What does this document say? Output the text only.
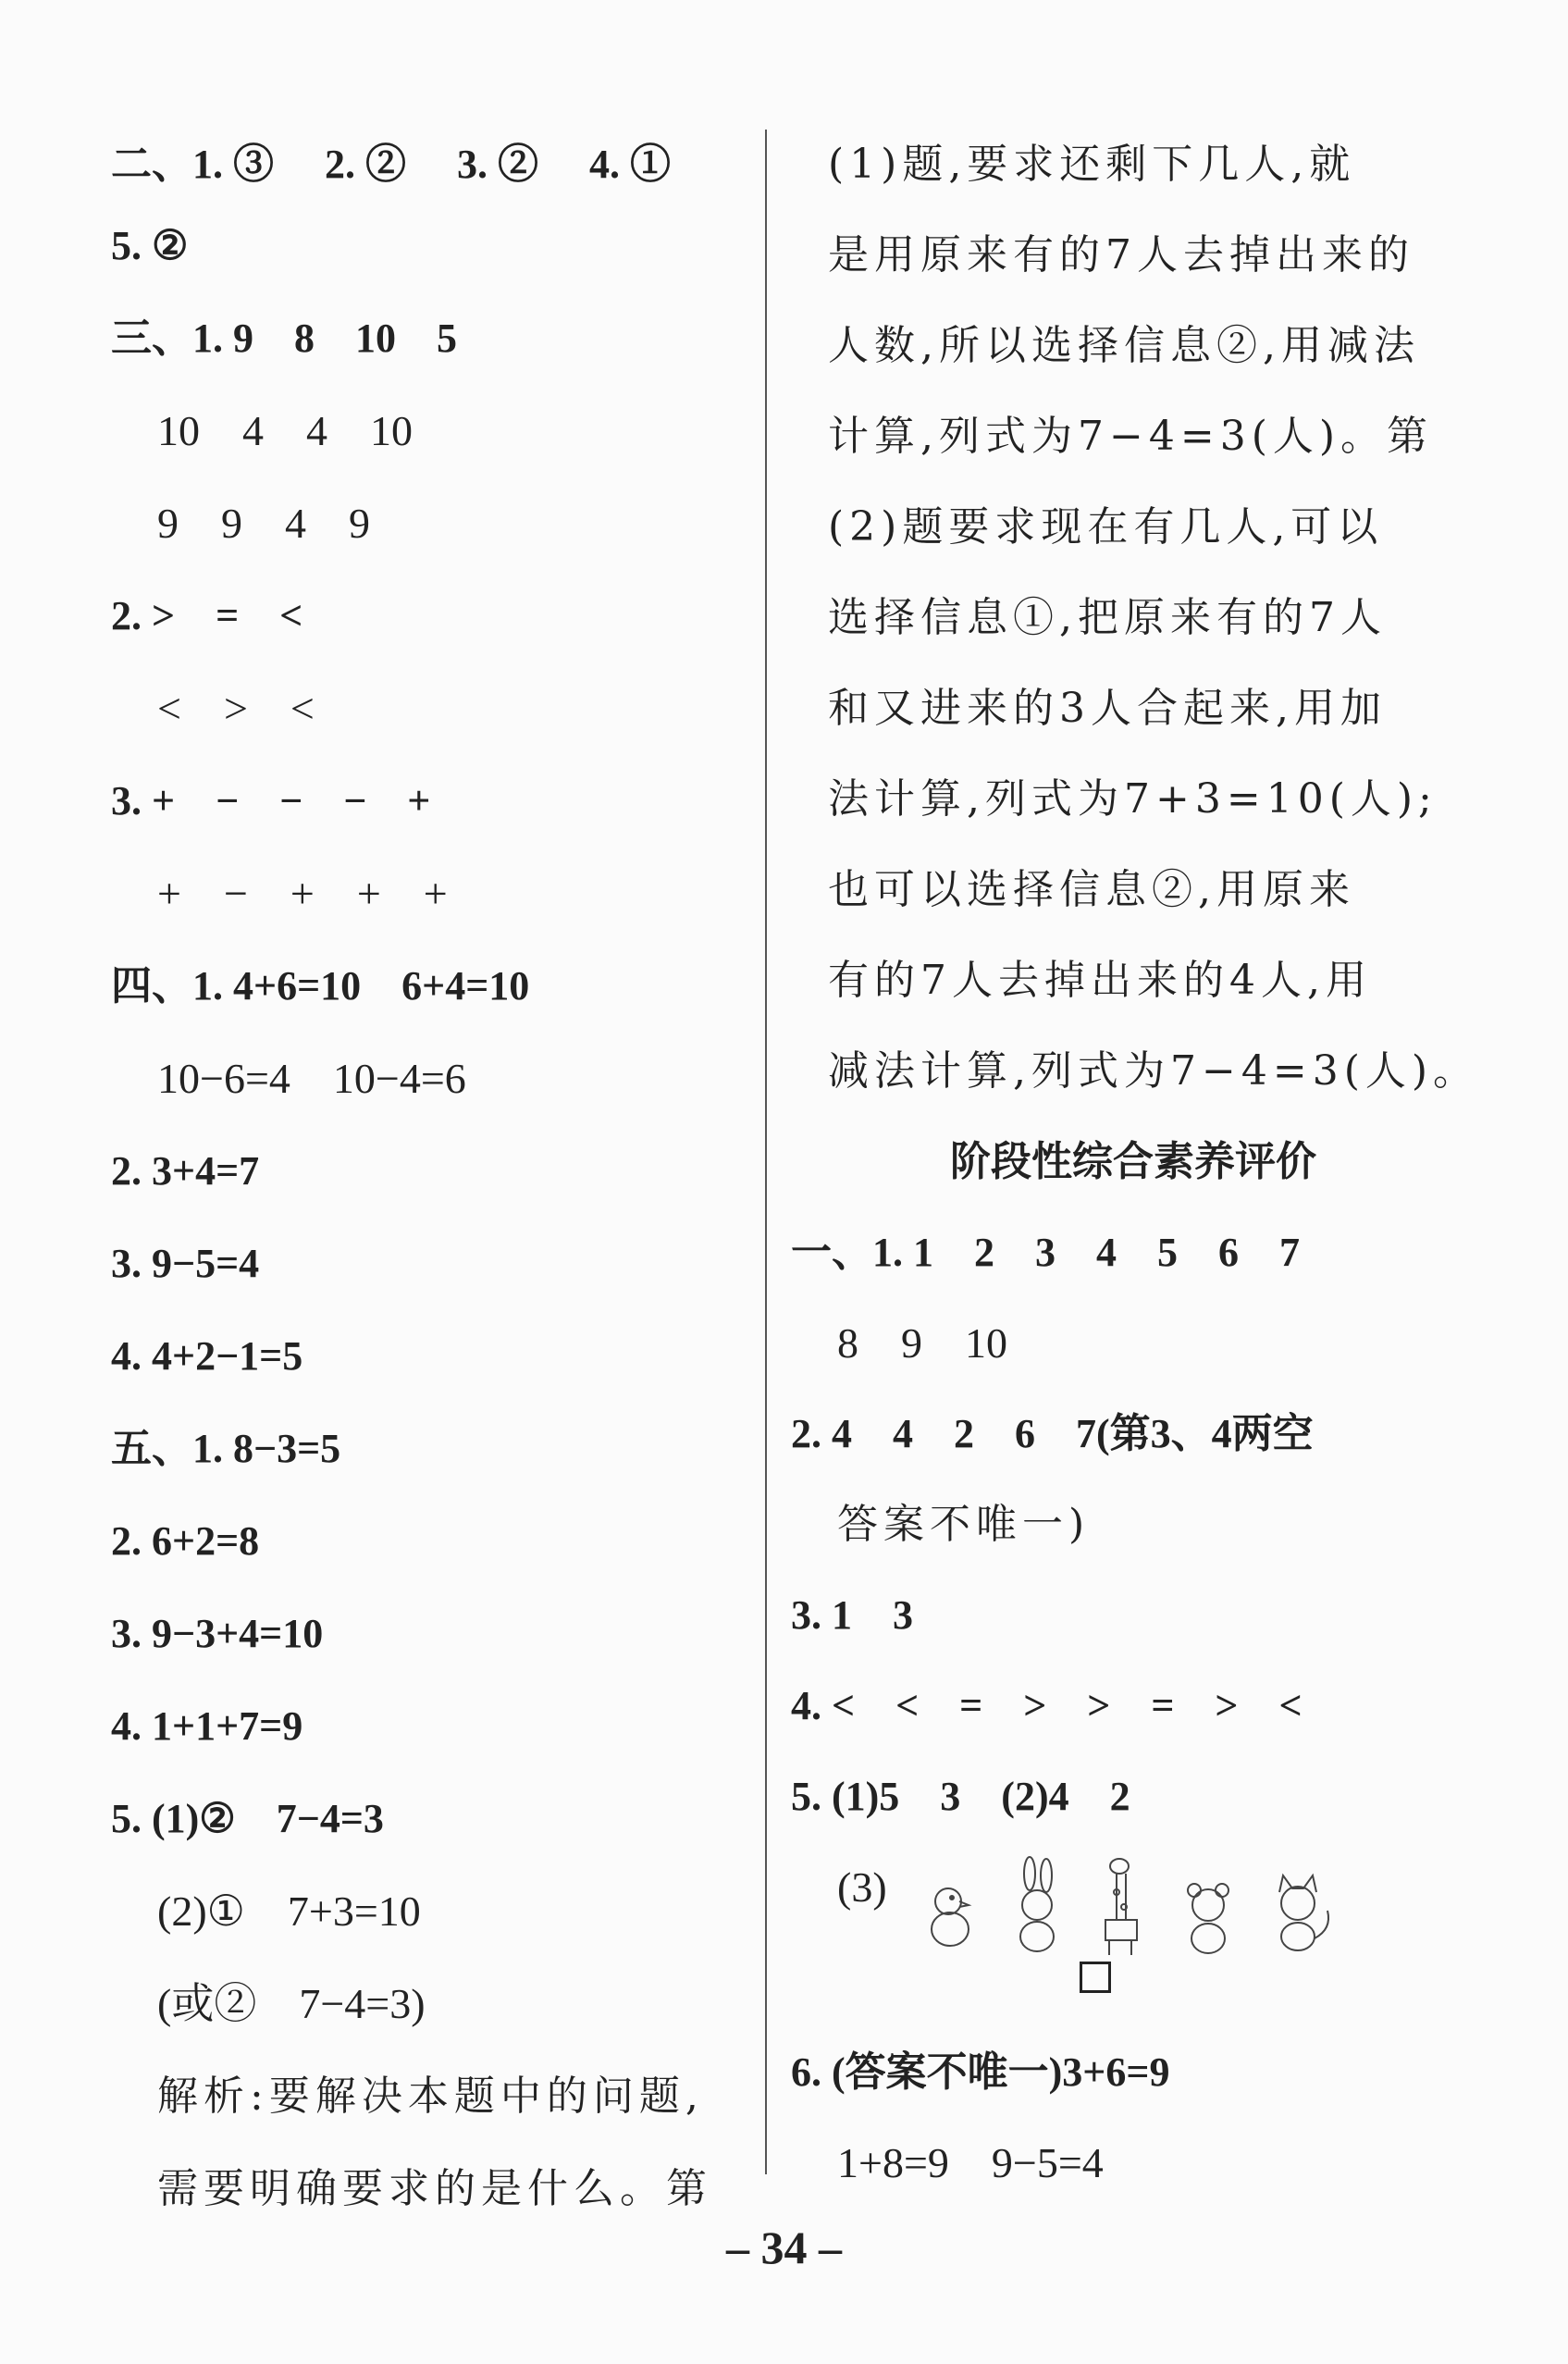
二、1. ③　 2. ②　 3. ②　 4. ①
5. ②
三、1. 9　8　10　5
10　4　4　10
9　9　4　9
2. >　=　<
<　>　<
3. +　−　−　−　+
+　−　+　+　+
四、1. 4+6=10　6+4=10
10−6=4　10−4=6
2. 3+4=7
3. 9−5=4
4. 4+2−1=5
五、1. 8−3=5
2. 6+2=8
3. 9−3+4=10
4. 1+1+7=9
5. (1)②　7−4=3
(2)①　7+3=10
(或②　7−4=3)
解析:要解决本题中的问题,
需要明确要求的是什么。第
(1)题,要求还剩下几人,就
是用原来有的7人去掉出来的
人数,所以选择信息②,用减法
计算,列式为7−4=3(人)。第
(2)题要求现在有几人,可以
选择信息①,把原来有的7人
和又进来的3人合起来,用加
法计算,列式为7+3=10(人);
也可以选择信息②,用原来
有的7人去掉出来的4人,用
减法计算,列式为7−4=3(人)。
阶段性综合素养评价
一、1. 1　2　3　4　5　6　7
8　9　10
2. 4　4　2　6　7(第3、4两空
答案不唯一)
3. 1　3
4. <　<　=　>　>　=　>　<
5. (1)5　3　(2)4　2
(3)
6. (答案不唯一)3+6=9
1+8=9　9−5=4
– 34 –
